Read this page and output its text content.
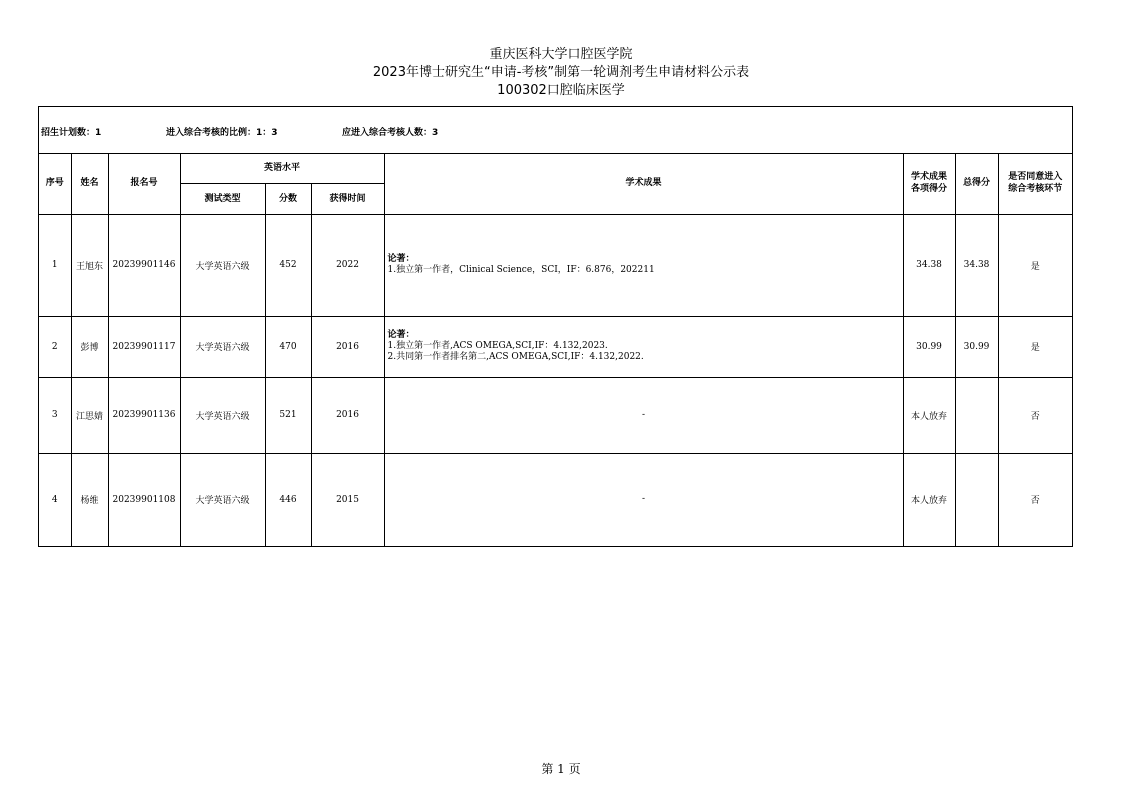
重庆医科大学口腔医学院
2023年博士研究生“申请-考核”制第一轮调剂考生申请材料公示表
100302口腔临床医学
招生计划数：1	进入综合考核的比例：1：3	应进入综合考核人数：3
序号	姓名	报名号	英语水平			学术成果	学术成果各项得分	总得分	是否同意进入综合考核环节

			测试类型	分数	获得时间				
1	王旭东	20239901146	大学英语六级	452	2022	论著：
1.独立第一作者，Clinical Science，SCI，IF：6.876，202211	34.38	34.38	是
2	彭博	20239901117	大学英语六级	470	2016	论著：
1.独立第一作者,ACS OMEGA,SCI,IF：4.132,2023.
2.共同第一作者排名第二,ACS OMEGA,SCI,IF：4.132,2022.	30.99	30.99	是
3	江思婧	20239901136	大学英语六级	521	2016	-	本人放弃		否
4	杨维	20239901108	大学英语六级	446	2015	-	本人放弃		否
第 1 页
